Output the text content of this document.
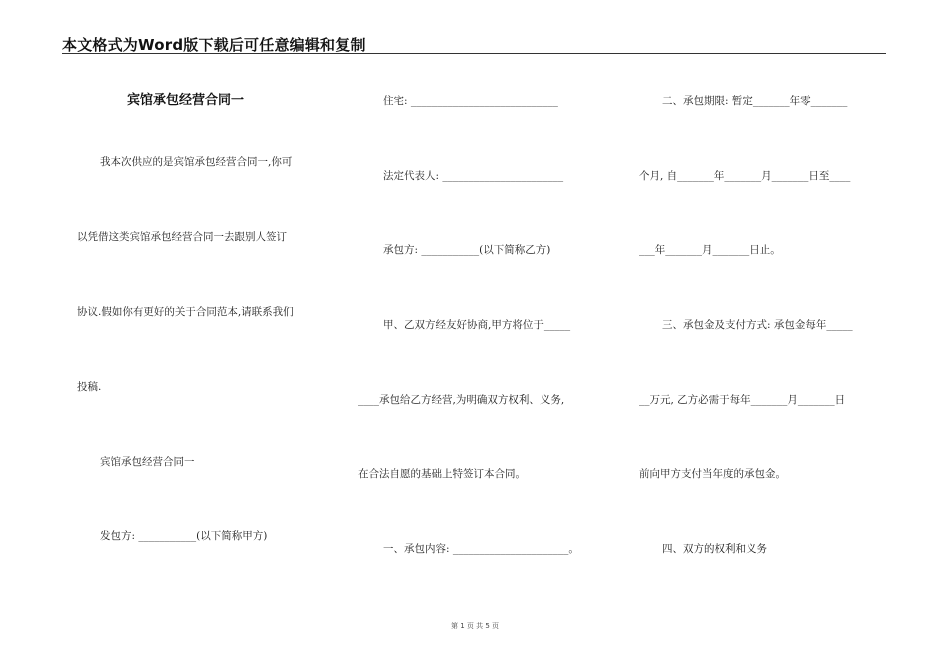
本文格式为Word版下载后可任意编辑和复制
宾馆承包经营合同一
我本次供应的是宾馆承包经营合同一,你可
以凭借这类宾馆承包经营合同一去跟别人签订
协议.假如你有更好的关于合同范本,请联系我们
投稿.
宾馆承包经营合同一
发包方: ___________(以下简称甲方)
住宅: ____________________________
法定代表人: _______________________
承包方: ___________(以下简称乙方)
甲、乙双方经友好协商,甲方将位于_____
____承包给乙方经营,为明确双方权利、义务,
在合法自愿的基础上特签订本合同。
一、承包内容: ______________________。
二、承包期限: 暂定_______年零_______
个月, 自_______年_______月_______日至____
___年_______月_______日止。
三、承包金及支付方式: 承包金每年_____
__万元, 乙方必需于每年_______月_______日
前向甲方支付当年度的承包金。
四、双方的权利和义务
第 1 页 共 5 页
